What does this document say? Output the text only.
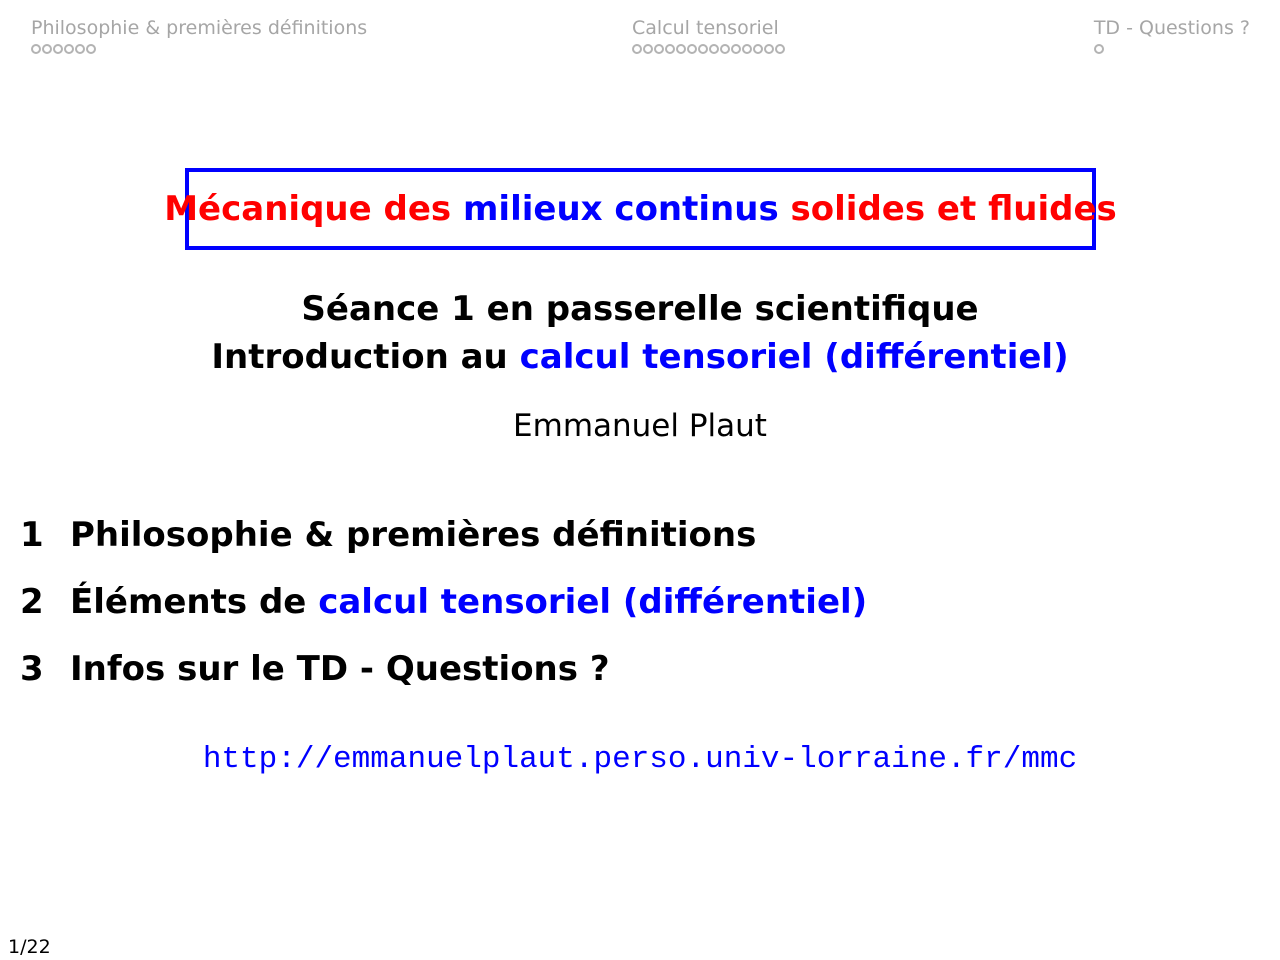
Philosophie & premières définitions	Calcul tensoriel	TD - Questions ?
Mécanique des
milieux continus
solides et fluides
Séance 1 en passerelle scientifique
Introduction au calcul tensoriel (différentiel)
Emmanuel Plaut
1 Philosophie & premières définitions
2 Éléments de calcul tensoriel (différentiel)
3 Infos sur le TD - Questions ?
http://emmanuelplaut.perso.univ-lorraine.fr/mmc
1/22
